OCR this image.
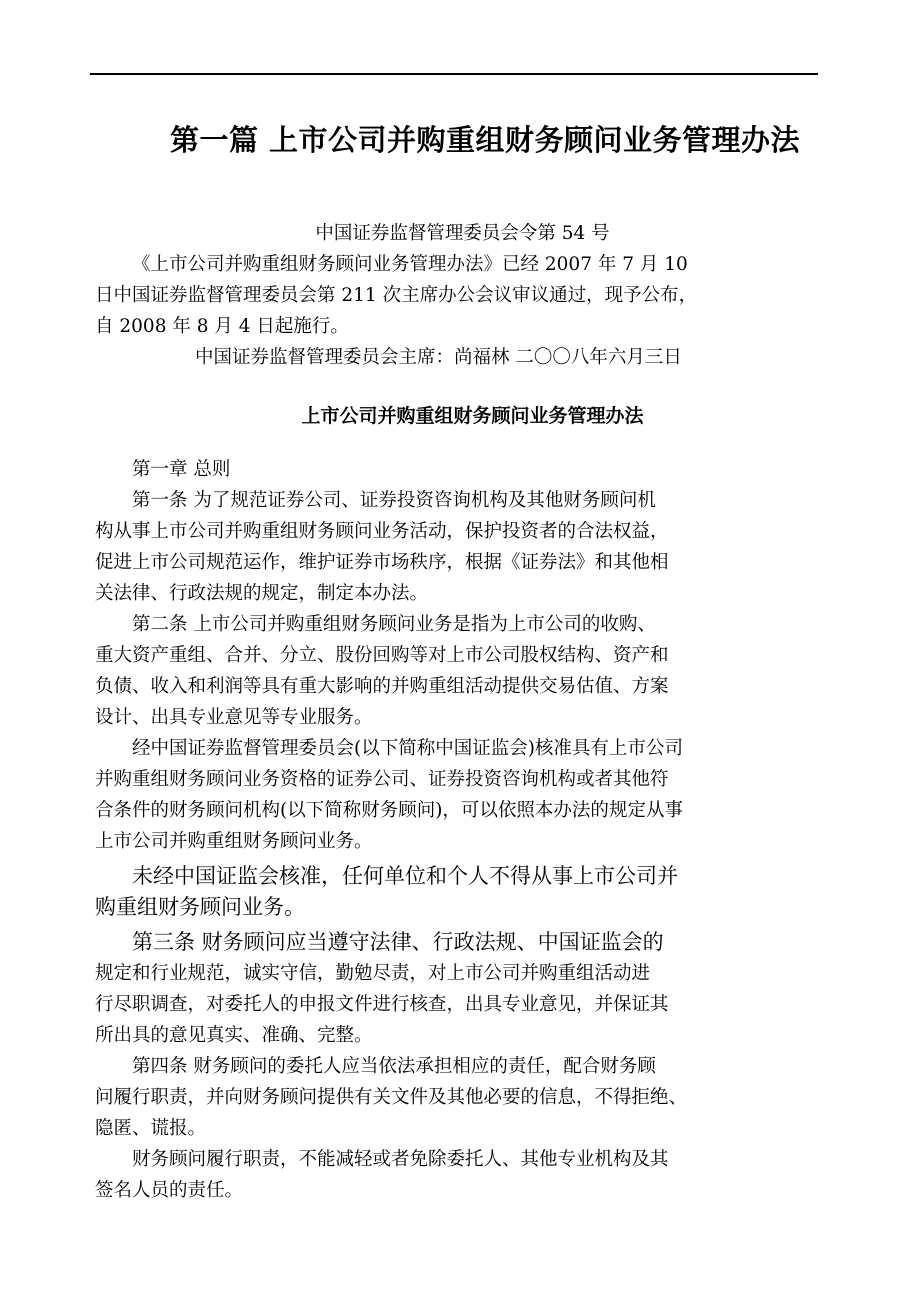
第一篇 上市公司并购重组财务顾问业务管理办法
中国证券监督管理委员会令第 54 号
《上市公司并购重组财务顾问业务管理办法》已经 2007 年 7 月 10
日中国证券监督管理委员会第 211 次主席办公会议审议通过，现予公布，
自 2008 年 8 月 4 日起施行。
中国证券监督管理委员会主席：尚福林 二〇〇八年六月三日
上市公司并购重组财务顾问业务管理办法
第一章 总则
第一条 为了规范证券公司、证券投资咨询机构及其他财务顾问机
构从事上市公司并购重组财务顾问业务活动，保护投资者的合法权益，
促进上市公司规范运作，维护证券市场秩序，根据《证券法》和其他相
关法律、行政法规的规定，制定本办法。
第二条 上市公司并购重组财务顾问业务是指为上市公司的收购、
重大资产重组、合并、分立、股份回购等对上市公司股权结构、资产和
负债、收入和利润等具有重大影响的并购重组活动提供交易估值、方案
设计、出具专业意见等专业服务。
经中国证券监督管理委员会(以下简称中国证监会)核准具有上市公司
并购重组财务顾问业务资格的证券公司、证券投资咨询机构或者其他符
合条件的财务顾问机构(以下简称财务顾问)，可以依照本办法的规定从事
上市公司并购重组财务顾问业务。
未经中国证监会核准，任何单位和个人不得从事上市公司并
购重组财务顾问业务。
第三条 财务顾问应当遵守法律、行政法规、中国证监会的
规定和行业规范，诚实守信，勤勉尽责，对上市公司并购重组活动进
行尽职调查，对委托人的申报文件进行核查，出具专业意见，并保证其
所出具的意见真实、准确、完整。
第四条 财务顾问的委托人应当依法承担相应的责任，配合财务顾
问履行职责，并向财务顾问提供有关文件及其他必要的信息，不得拒绝、
隐匿、谎报。
财务顾问履行职责，不能减轻或者免除委托人、其他专业机构及其
签名人员的责任。
